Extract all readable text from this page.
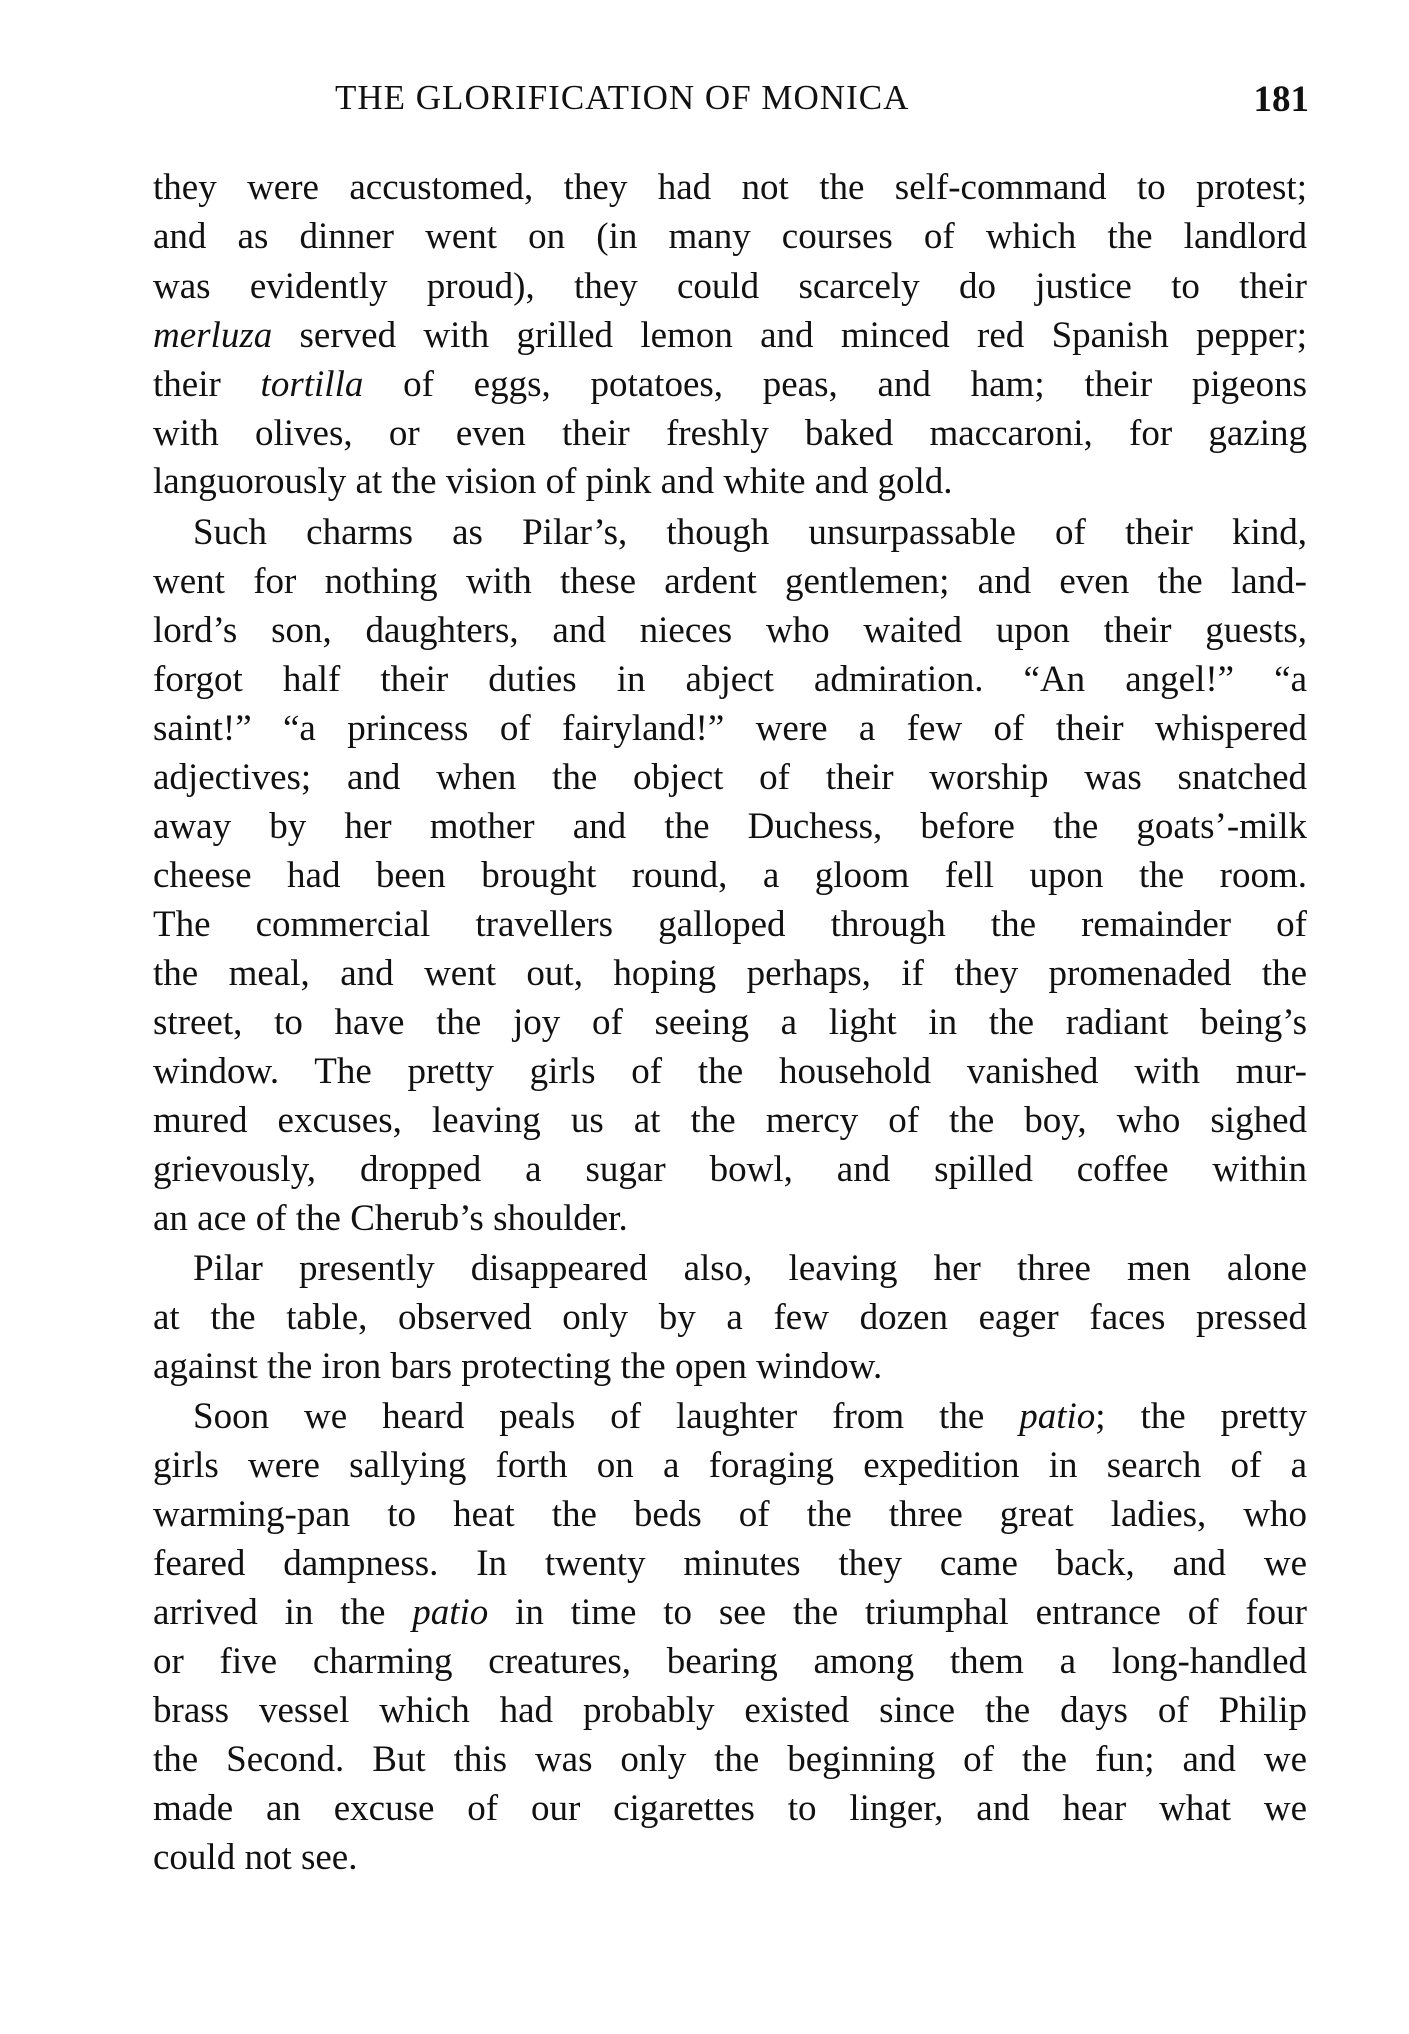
THE GLORIFICATION OF MONICA	181
they were accustomed, they had not the self-command to protest;
and as dinner went on (in many courses of which the landlord
was evidently proud), they could scarcely do justice to their
merluza served with grilled lemon and minced red Spanish pepper;
their tortilla of eggs, potatoes, peas, and ham; their pigeons
with olives, or even their freshly baked maccaroni, for gazing
languorously at the vision of pink and white and gold.
Such charms as Pilar’s, though unsurpassable of their kind,
went for nothing with these ardent gentlemen; and even the land-
lord’s son, daughters, and nieces who waited upon their guests,
forgot half their duties in abject admiration. “An angel!” “a
saint!” “a princess of fairyland!” were a few of their whispered
adjectives; and when the object of their worship was snatched
away by her mother and the Duchess, before the goats’-milk
cheese had been brought round, a gloom fell upon the room.
The commercial travellers galloped through the remainder of
the meal, and went out, hoping perhaps, if they promenaded the
street, to have the joy of seeing a light in the radiant being’s
window. The pretty girls of the household vanished with mur-
mured excuses, leaving us at the mercy of the boy, who sighed
grievously, dropped a sugar bowl, and spilled coffee within
an ace of the Cherub’s shoulder.
Pilar presently disappeared also, leaving her three men alone
at the table, observed only by a few dozen eager faces pressed
against the iron bars protecting the open window.
Soon we heard peals of laughter from the patio; the pretty
girls were sallying forth on a foraging expedition in search of a
warming-pan to heat the beds of the three great ladies, who
feared dampness. In twenty minutes they came back, and we
arrived in the patio in time to see the triumphal entrance of four
or five charming creatures, bearing among them a long-handled
brass vessel which had probably existed since the days of Philip
the Second. But this was only the beginning of the fun; and we
made an excuse of our cigarettes to linger, and hear what we
could not see.
